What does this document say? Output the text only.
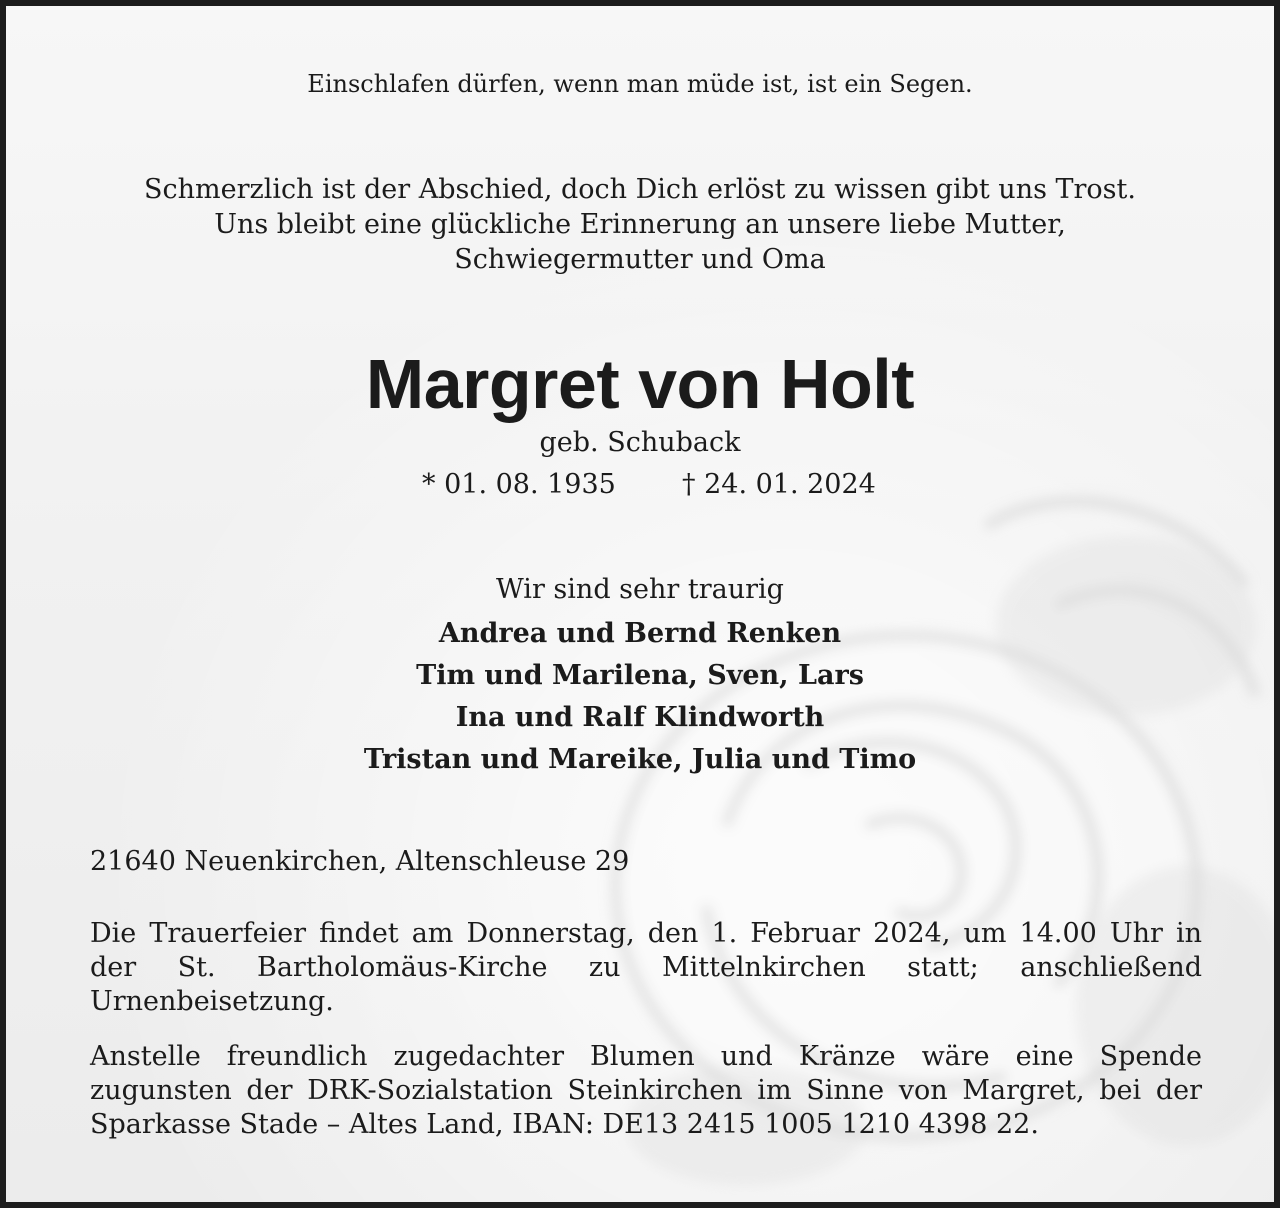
Einschlafen dürfen, wenn man müde ist, ist ein Segen.

Schmerzlich ist der Abschied, doch Dich erlöst zu wissen gibt uns Trost.

Uns bleibt eine glückliche Erinnerung an unsere liebe Mutter,

Schwiegermutter und Oma

Margret von Holt

geb. Schuback

* 01. 08. 1935 † 24. 01. 2024

Wir sind sehr traurig

Andrea und Bernd Renken

Tim und Marilena, Sven, Lars

Ina und Ralf Klindworth

Tristan und Mareike, Julia und Timo

21640 Neuenkirchen, Altenschleuse 29

Die Trauerfeier findet am Donnerstag, den 1. Februar 2024, um 14.00 Uhr in der St. Bartholomäus-Kirche zu Mittelnkirchen statt; anschließend Urnenbeisetzung.

Anstelle freundlich zugedachter Blumen und Kränze wäre eine Spende zugunsten der DRK-Sozialstation Steinkirchen im Sinne von Margret, bei der Sparkasse Stade – Altes Land, IBAN: DE13 2415 1005 1210 4398 22.
